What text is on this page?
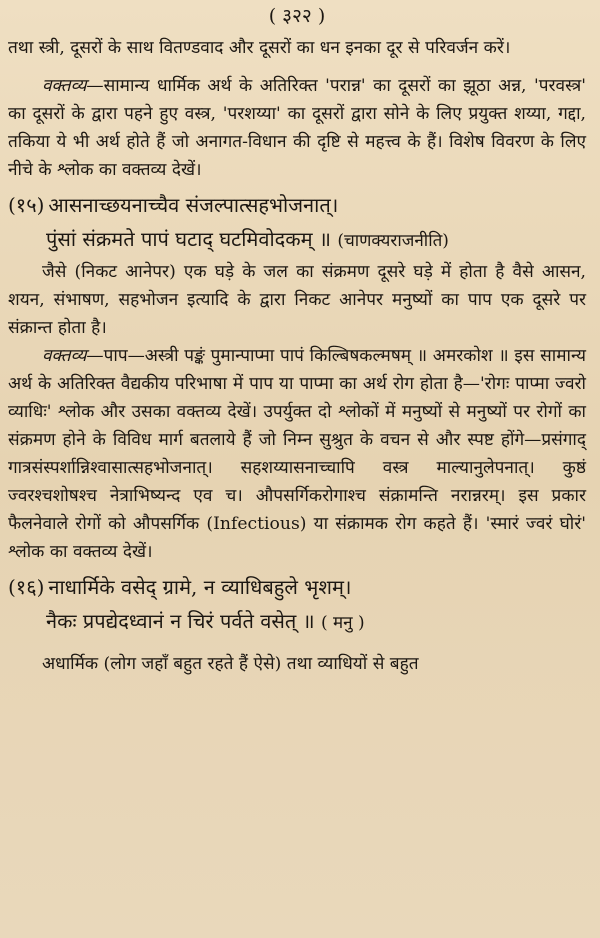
( ३२२ )

तथा स्त्री, दूसरों के साथ वितण्डवाद और दूसरों का धन इनका दूर से परिवर्जन करें।

वक्तव्य—सामान्य धार्मिक अर्थ के अतिरिक्त 'परान्न' का दूसरों का झूठा अन्न, 'परवस्त्र' का दूसरों के द्वारा पहने हुए वस्त्र, 'परशय्या' का दूसरों द्वारा सोने के लिए प्रयुक्त शय्या, गद्दा, तकिया ये भी अर्थ होते हैं जो अनागत-विधान की दृष्टि से महत्त्व के हैं। विशेष विवरण के लिए नीचे के श्लोक का वक्तव्य देखें।

(१५) आसनाच्छयनाच्चैव संजल्पात्सहभोजनात्।
पुंसां संक्रमते पापं घटाद् घटमिवोदकम् ॥ (चाणक्यराजनीति)

जैसे (निकट आनेपर) एक घड़े के जल का संक्रमण दूसरे घड़े में होता है वैसे आसन, शयन, संभाषण, सहभोजन इत्यादि के द्वारा निकट आनेपर मनुष्यों का पाप एक दूसरे पर संक्रान्त होता है।

वक्तव्य—पाप—अस्त्री पङ्कं पुमान्पाप्मा पापं किल्बिषकल्मषम् ॥ अमरकोश ॥ इस सामान्य अर्थ के अतिरिक्त वैद्यकीय परिभाषा में पाप या पाप्मा का अर्थ रोग होता है—'रोगः पाप्मा ज्वरो व्याधिः' श्लोक और उसका वक्तव्य देखें। उपर्युक्त दो श्लोकों में मनुष्यों से मनुष्यों पर रोगों का संक्रमण होने के विविध मार्ग बतलाये हैं जो निम्न सुश्रुत के वचन से और स्पष्ट होंगे—प्रसंगाद् गात्रसंस्पर्शान्निश्वासात्सहभोजनात्। सहशय्यासनाच्चापि वस्त्र माल्यानुलेपनात्। कुष्ठं ज्वरश्चशोषश्च नेत्राभिष्यन्द एव च। औपसर्गिकरोगाश्च संक्रामन्ति नरान्नरम्। इस प्रकार फैलनेवाले रोगों को औपसर्गिक (Infectious) या संक्रामक रोग कहते हैं। 'स्मारं ज्वरं घोरं' श्लोक का वक्तव्य देखें।

(१६) नाधार्मिके वसेद् ग्रामे, न व्याधिबहुले भृशम्।
नैकः प्रपद्येदध्वानं न चिरं पर्वते वसेत् ॥ ( मनु )

अधार्मिक (लोग जहाँ बहुत रहते हैं ऐसे) तथा व्याधियों से बहुत
